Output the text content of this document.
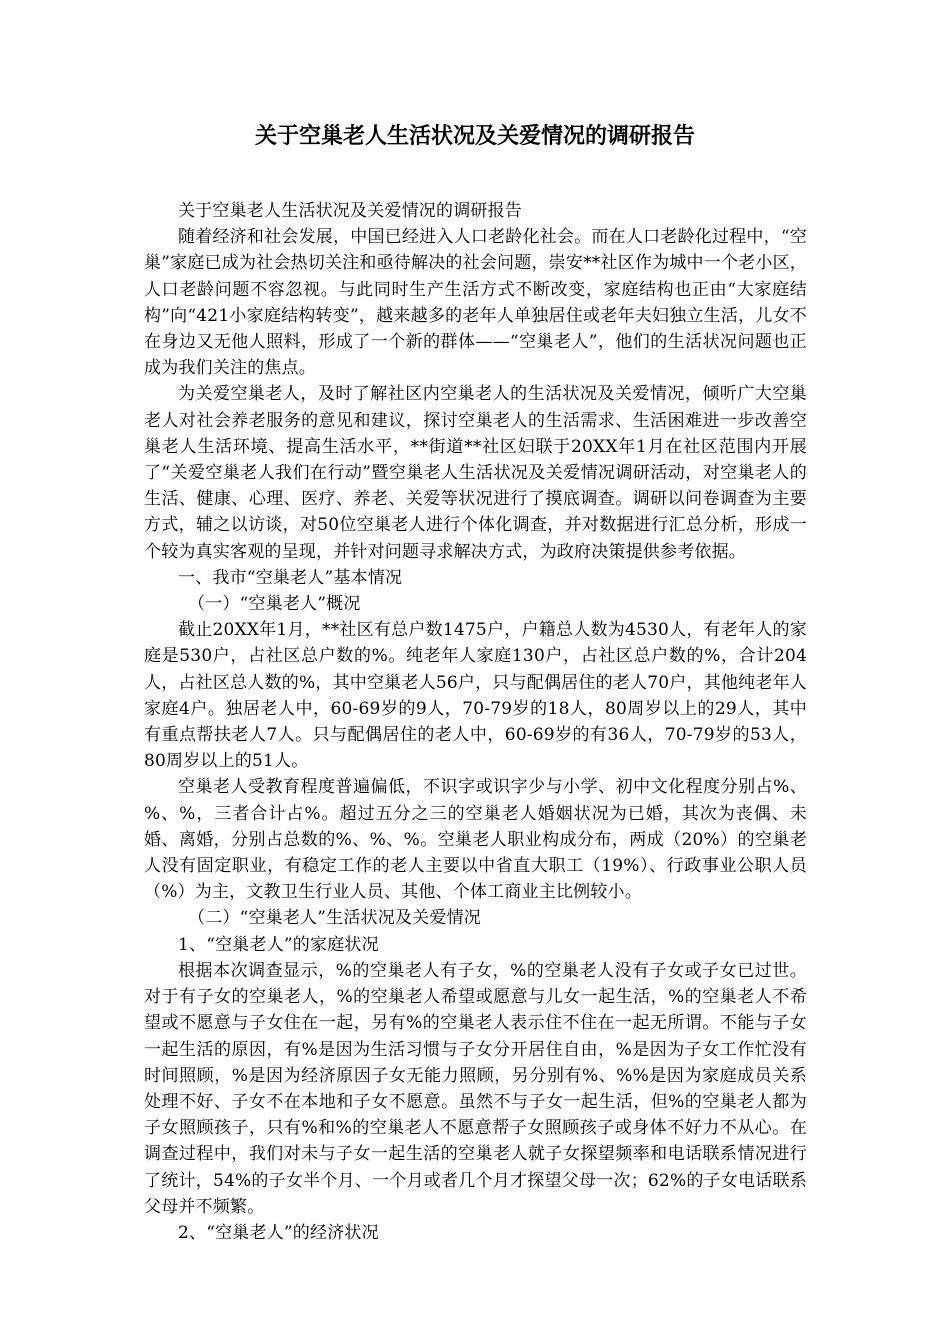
关于空巢老人生活状况及关爱情况的调研报告

关于空巢老人生活状况及关爱情况的调研报告

随着经济和社会发展，中国已经进入人口老龄化社会。而在人口老龄化过程中，“空巢”家庭已成为社会热切关注和亟待解决的社会问题，崇安**社区作为城中一个老小区，人口老龄问题不容忽视。与此同时生产生活方式不断改变，家庭结构也正由“大家庭结构”向“421小家庭结构转变”，越来越多的老年人单独居住或老年夫妇独立生活，儿女不在身边又无他人照料，形成了一个新的群体——“空巢老人”，他们的生活状况问题也正成为我们关注的焦点。

为关爱空巢老人，及时了解社区内空巢老人的生活状况及关爱情况，倾听广大空巢老人对社会养老服务的意见和建议，探讨空巢老人的生活需求、生活困难进一步改善空巢老人生活环境、提高生活水平，**街道**社区妇联于20XX年1月在社区范围内开展了“关爱空巢老人我们在行动”暨空巢老人生活状况及关爱情况调研活动，对空巢老人的生活、健康、心理、医疗、养老、关爱等状况进行了摸底调查。调研以问卷调查为主要方式，辅之以访谈，对50位空巢老人进行个体化调查，并对数据进行汇总分析，形成一个较为真实客观的呈现，并针对问题寻求解决方式，为政府决策提供参考依据。

一、我市“空巢老人”基本情况

（一）“空巢老人”概况

截止20XX年1月，**社区有总户数1475户，户籍总人数为4530人，有老年人的家庭是530户，占社区总户数的%。纯老年人家庭130户，占社区总户数的%，合计204人，占社区总人数的%，其中空巢老人56户，只与配偶居住的老人70户，其他纯老年人家庭4户。独居老人中，60-69岁的9人，70-79岁的18人，80周岁以上的29人，其中有重点帮扶老人7人。只与配偶居住的老人中，60-69岁的有36人，70-79岁的53人，80周岁以上的51人。

空巢老人受教育程度普遍偏低，不识字或识字少与小学、初中文化程度分别占%、%、%，三者合计占%。超过五分之三的空巢老人婚姻状况为已婚，其次为丧偶、未婚、离婚，分别占总数的%、%、%。空巢老人职业构成分布，两成（20%）的空巢老人没有固定职业，有稳定工作的老人主要以中省直大职工（19%）、行政事业公职人员（%）为主，文教卫生行业人员、其他、个体工商业主比例较小。

（二）“空巢老人”生活状况及关爱情况

1、“空巢老人”的家庭状况

根据本次调查显示，%的空巢老人有子女，%的空巢老人没有子女或子女已过世。对于有子女的空巢老人，%的空巢老人希望或愿意与儿女一起生活，%的空巢老人不希望或不愿意与子女住在一起，另有%的空巢老人表示住不住在一起无所谓。不能与子女一起生活的原因，有%是因为生活习惯与子女分开居住自由，%是因为子女工作忙没有时间照顾，%是因为经济原因子女无能力照顾，另分别有%、%%是因为家庭成员关系处理不好、子女不在本地和子女不愿意。虽然不与子女一起生活，但%的空巢老人都为子女照顾孩子，只有%和%的空巢老人不愿意帮子女照顾孩子或身体不好力不从心。在调查过程中，我们对未与子女一起生活的空巢老人就子女探望频率和电话联系情况进行了统计，54%的子女半个月、一个月或者几个月才探望父母一次；62%的子女电话联系父母并不频繁。

2、“空巢老人”的经济状况
